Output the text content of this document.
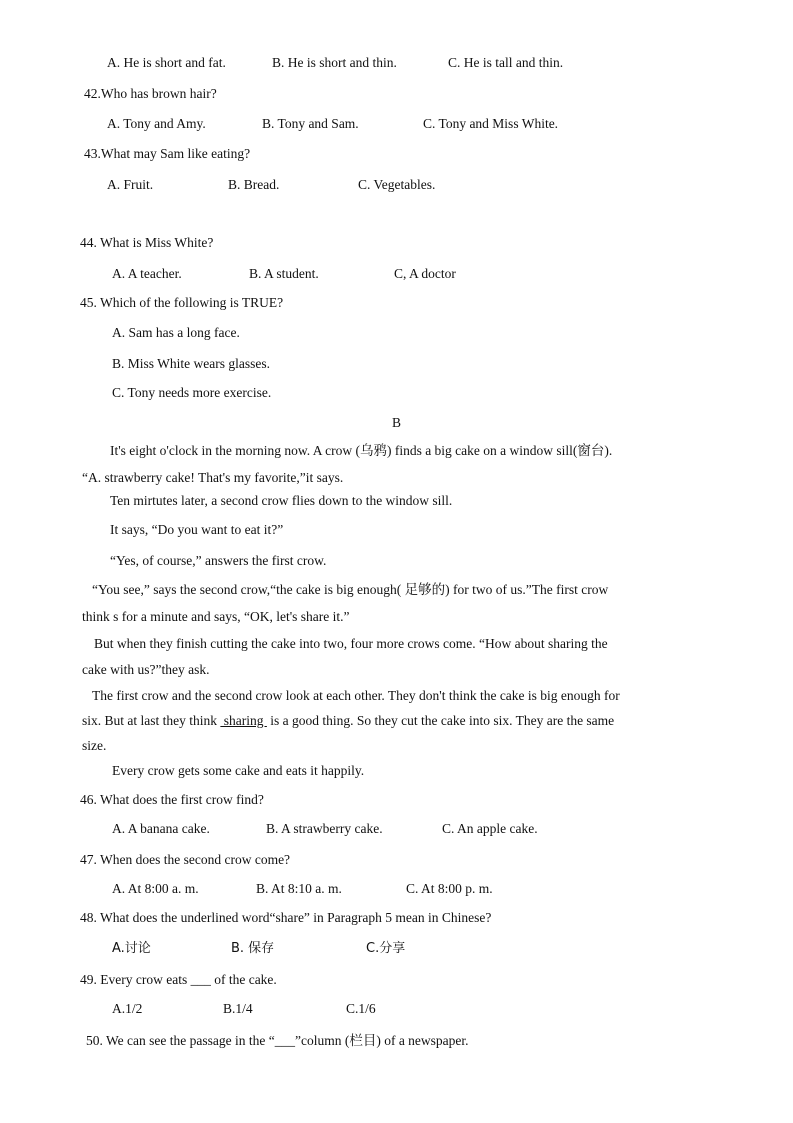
A. He is short and fat.	B. He is short and thin.	C. He is tall and thin.
42.Who has brown hair?
A. Tony and Amy.	B. Tony and Sam.	C. Tony and Miss White.
43.What may Sam like eating?
A. Fruit.	B. Bread.	C. Vegetables.
44. What is Miss White?
A. A teacher.	B. A student.	C, A doctor
45. Which of the following is TRUE?
A. Sam has a long face.
B. Miss White wears glasses.
C. Tony needs more exercise.
B
It's eight o'clock in the morning now. A crow (乌鸦) finds a big cake on a window sill(窗台).
“A. strawberry cake! That's my favorite,”it says.
Ten mirtutes later, a second crow flies down to the window sill.
It says, “Do you want to eat it?”
“Yes, of course,” answers the first crow.
“You see,” says the second crow,“the cake is big enough( 足够的) for two of us.”The first crow
think s for a minute and says, “OK, let's share it.”
But when they finish cutting the cake into two, four more crows come. “How about sharing the
cake with us?”they ask.
The first crow and the second crow look at each other. They don't think the cake is big enough for
six. But at last they think  sharing  is a good thing. So they cut the cake into six. They are the same
size.
Every crow gets some cake and eats it happily.
46. What does the first crow find?
A. A banana cake.	B. A strawberry cake.	C. An apple cake.
47. When does the second crow come?
A. At 8:00 a. m.	B. At 8:10 a. m.	C. At 8:00 p. m.
48. What does the underlined word“share” in Paragraph 5 mean in Chinese?
A.讨论	B. 保存	C.分享
49. Every crow eats ___ of the cake.
A.1/2	B.1/4	C.1/6
50. We can see the passage in the “___”column (栏目) of a newspaper.
